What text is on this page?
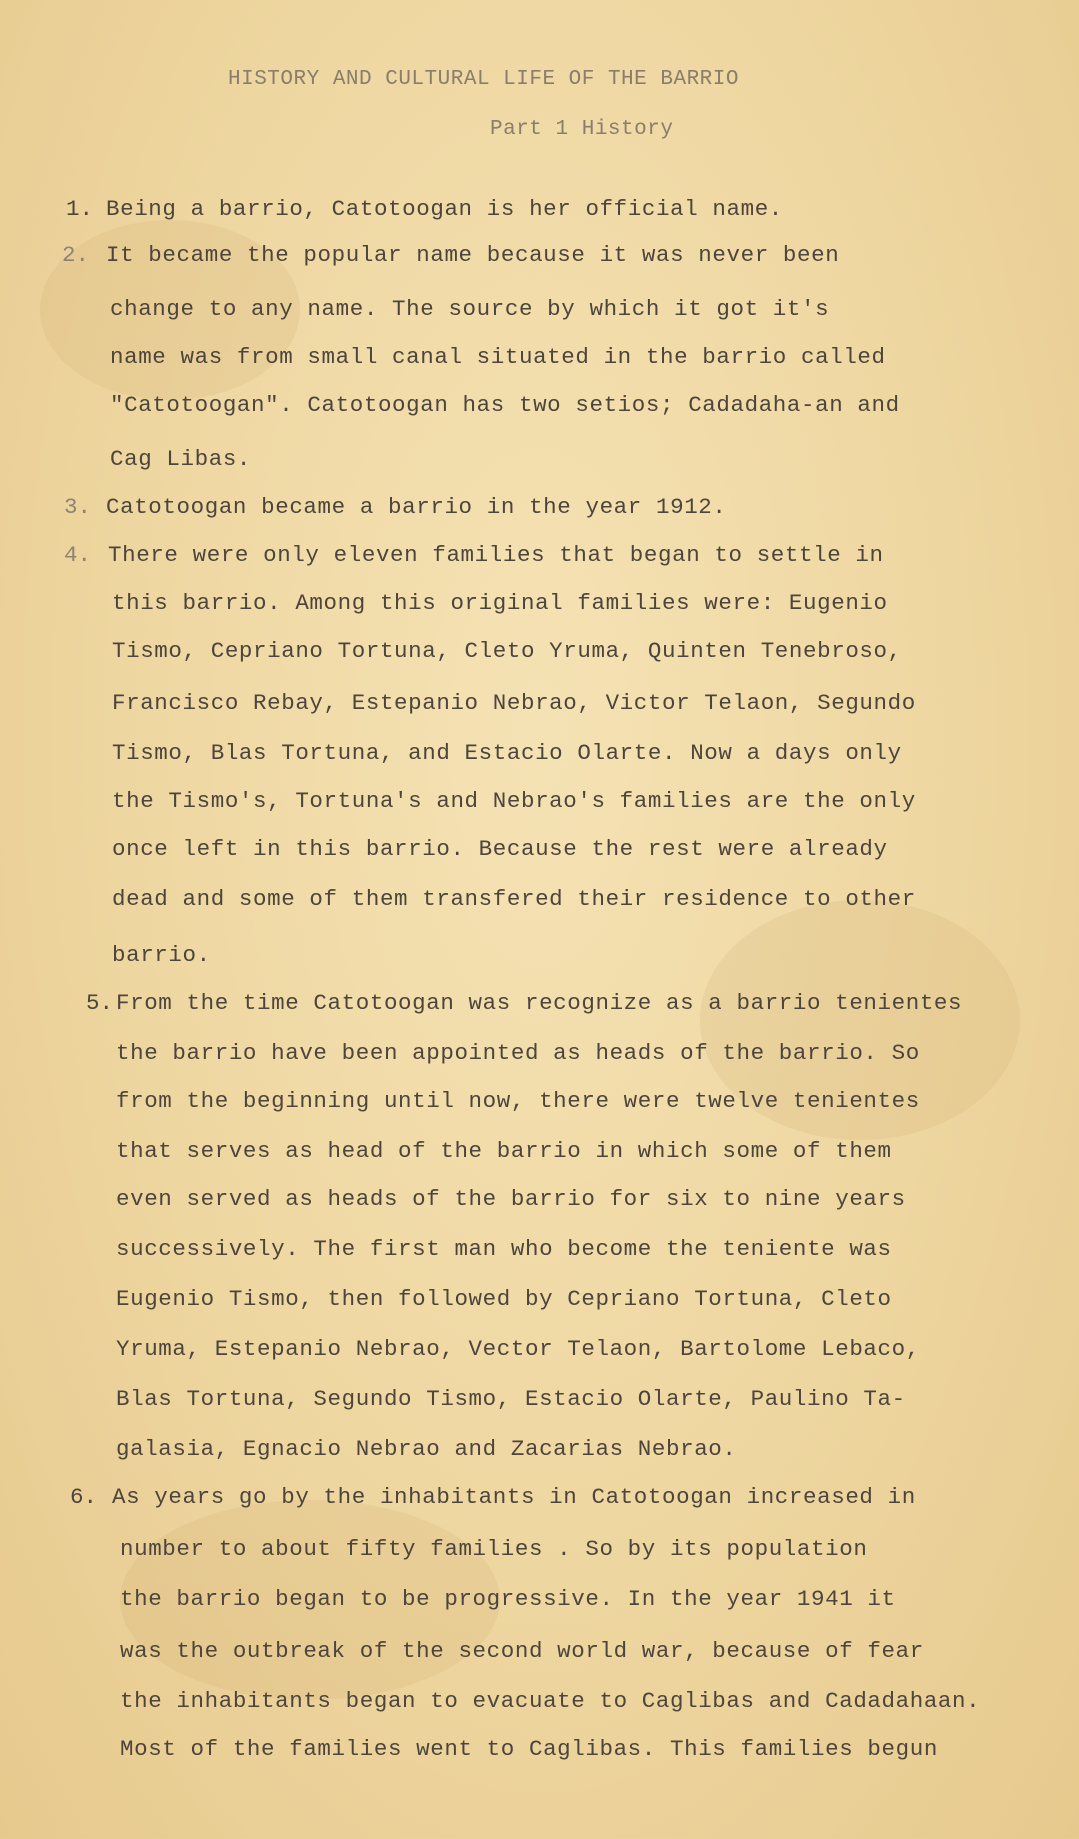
HISTORY AND CULTURAL LIFE OF THE BARRIO
Part 1 History
1. Being a barrio, Catotoogan is her official name.
2. It became the popular name because it was never been
change to any name. The source by which it got it's
name was from small canal situated in the barrio called
"Catotoogan". Catotoogan has two setios; Cadadaha-an and
Cag Libas.
3. Catotoogan became a barrio in the year 1912.
4. There were only eleven families that began to settle in
this barrio. Among this original families were: Eugenio
Tismo, Cepriano Tortuna, Cleto Yruma, Quinten Tenebroso,
Francisco Rebay, Estepanio Nebrao, Victor Telaon, Segundo
Tismo, Blas Tortuna, and Estacio Olarte. Now a days only
the Tismo's, Tortuna's and Nebrao's families are the only
once left in this barrio. Because the rest were already
dead and some of them transfered their residence to other
barrio.
5. From the time Catotoogan was recognize as a barrio tenientes
the barrio have been appointed as heads of the barrio. So
from the beginning until now, there were twelve tenientes
that serves as head of the barrio in which some of them
even served as heads of the barrio for six to nine years
successively. The first man who become the teniente was
Eugenio Tismo, then followed by Cepriano Tortuna, Cleto
Yruma, Estepanio Nebrao, Vector Telaon, Bartolome Lebaco,
Blas Tortuna, Segundo Tismo, Estacio Olarte, Paulino Ta-
galasia, Egnacio Nebrao and Zacarias Nebrao.
6. As years go by the inhabitants in Catotoogan increased in
number to about fifty families . So by its population
the barrio began to be progressive. In the year 1941 it
was the outbreak of the second world war, because of fear
the inhabitants began to evacuate to Caglibas and Cadadahaan.
Most of the families went to Caglibas. This families begun
